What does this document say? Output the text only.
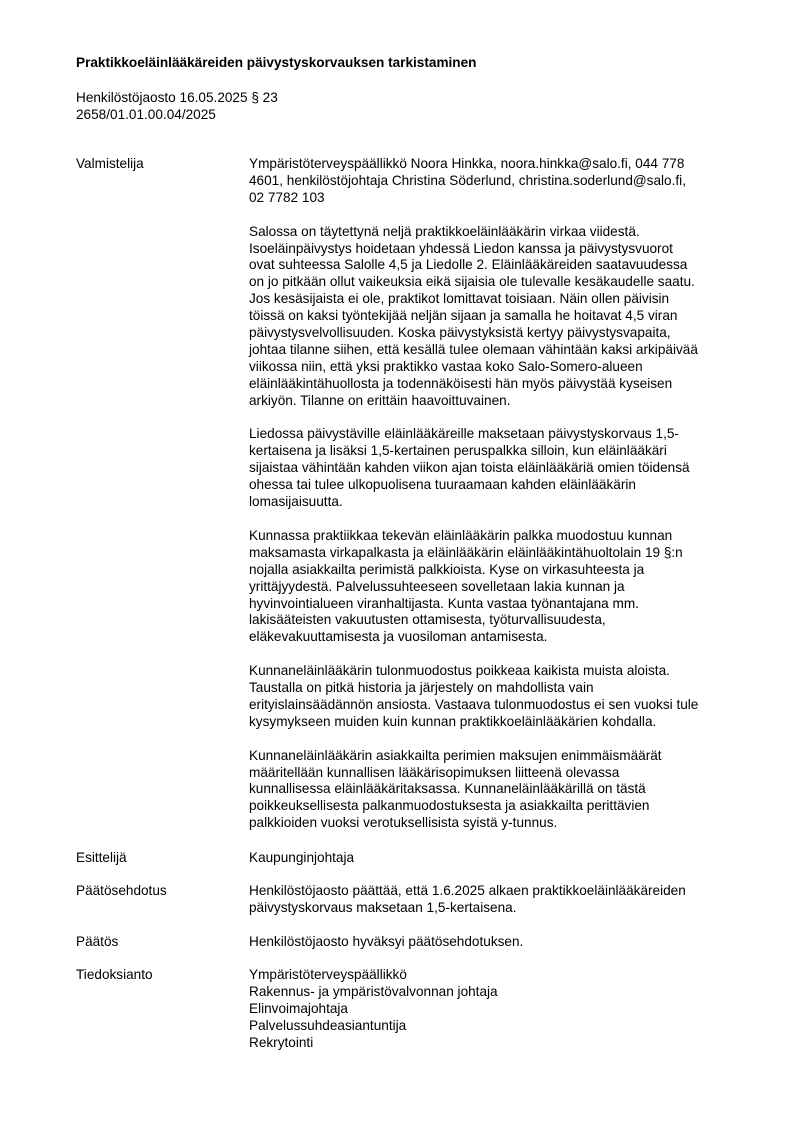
Praktikkoeläinlääkäreiden päivystyskorvauksen tarkistaminen
Henkilöstöjaosto 16.05.2025 § 23
2658/01.01.00.04/2025
Valmistelija	Ympäristöterveyspäällikkö Noora Hinkka, noora.hinkka@salo.fi, 044 778
4601, henkilöstöjohtaja Christina Söderlund, christina.soderlund@salo.fi,
02 7782 103

Salossa on täytettynä neljä praktikkoeläinlääkärin virkaa viidestä.
Isoeläinpäivystys hoidetaan yhdessä Liedon kanssa ja päivystysvuorot
ovat suhteessa Salolle 4,5 ja Liedolle 2. Eläinlääkäreiden saatavuudessa
on jo pitkään ollut vaikeuksia eikä sijaisia ole tulevalle kesäkaudelle saatu.
Jos kesäsijaista ei ole, praktikot lomittavat toisiaan. Näin ollen päivisin
töissä on kaksi työntekijää neljän sijaan ja samalla he hoitavat 4,5 viran
päivystysvelvollisuuden. Koska päivystyksistä kertyy päivystysvapaita,
johtaa tilanne siihen, että kesällä tulee olemaan vähintään kaksi arkipäivää
viikossa niin, että yksi praktikko vastaa koko Salo-Somero-alueen
eläinlääkintähuollosta ja todennäköisesti hän myös päivystää kyseisen
arkiyön. Tilanne on erittäin haavoittuvainen.

Liedossa päivystäville eläinlääkäreille maksetaan päivystyskorvaus 1,5-
kertaisena ja lisäksi 1,5-kertainen peruspalkka silloin, kun eläinlääkäri
sijaistaa vähintään kahden viikon ajan toista eläinlääkäriä omien töidensä
ohessa tai tulee ulkopuolisena tuuraamaan kahden eläinlääkärin
lomasijaisuutta.

Kunnassa praktiikkaa tekevän eläinlääkärin palkka muodostuu kunnan
maksamasta virkapalkasta ja eläinlääkärin eläinlääkintähuoltolain 19 §:n
nojalla asiakkailta perimistä palkkioista. Kyse on virkasuhteesta ja
yrittäjyydestä. Palvelussuhteeseen sovelletaan lakia kunnan ja
hyvinvointialueen viranhaltijasta. Kunta vastaa työnantajana mm.
lakisääteisten vakuutusten ottamisesta, työturvallisuudesta,
eläkevakuuttamisesta ja vuosiloman antamisesta.

Kunnaneläinlääkärin tulonmuodostus poikkeaa kaikista muista aloista.
Taustalla on pitkä historia ja järjestely on mahdollista vain
erityislainsäädännön ansiosta. Vastaava tulonmuodostus ei sen vuoksi tule
kysymykseen muiden kuin kunnan praktikkoeläinlääkärien kohdalla.

Kunnaneläinlääkärin asiakkailta perimien maksujen enimmäismäärät
määritellään kunnallisen lääkärisopimuksen liitteenä olevassa
kunnallisessa eläinlääkäritaksassa. Kunnaneläinlääkärillä on tästä
poikkeuksellisesta palkanmuodostuksesta ja asiakkailta perittävien
palkkioiden vuoksi verotuksellisista syistä y-tunnus.

Esittelijä	Kaupunginjohtaja
Päätösehdotus	Henkilöstöjaosto päättää, että 1.6.2025 alkaen praktikkoeläinlääkäreiden
päivystyskorvaus maksetaan 1,5-kertaisena.
Päätös	Henkilöstöjaosto hyväksyi päätösehdotuksen.
Tiedoksianto	Ympäristöterveyspäällikkö
Rakennus- ja ympäristövalvonnan johtaja
Elinvoimajohtaja
Palvelussuhdeasiantuntija
Rekrytointi
